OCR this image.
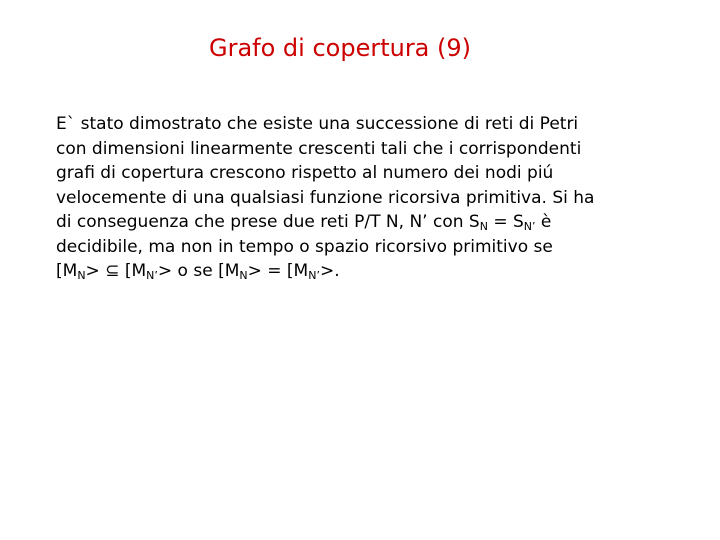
Grafo di copertura (9)
E` stato dimostrato che esiste una successione di reti di Petri
con dimensioni linearmente crescenti tali che i corrispondenti
grafi di copertura crescono rispetto al numero dei nodi piú
velocemente di una qualsiasi funzione ricorsiva primitiva. Si ha
di conseguenza che prese due reti P/T N, N’ con $S_N = S_{N’}$ è
decidibile, ma non in tempo o spazio ricorsivo primitivo se
[$M_N>$ ⊆ [$M_{N’}> o$ se [$M_N> = [M_{N’}>$.
